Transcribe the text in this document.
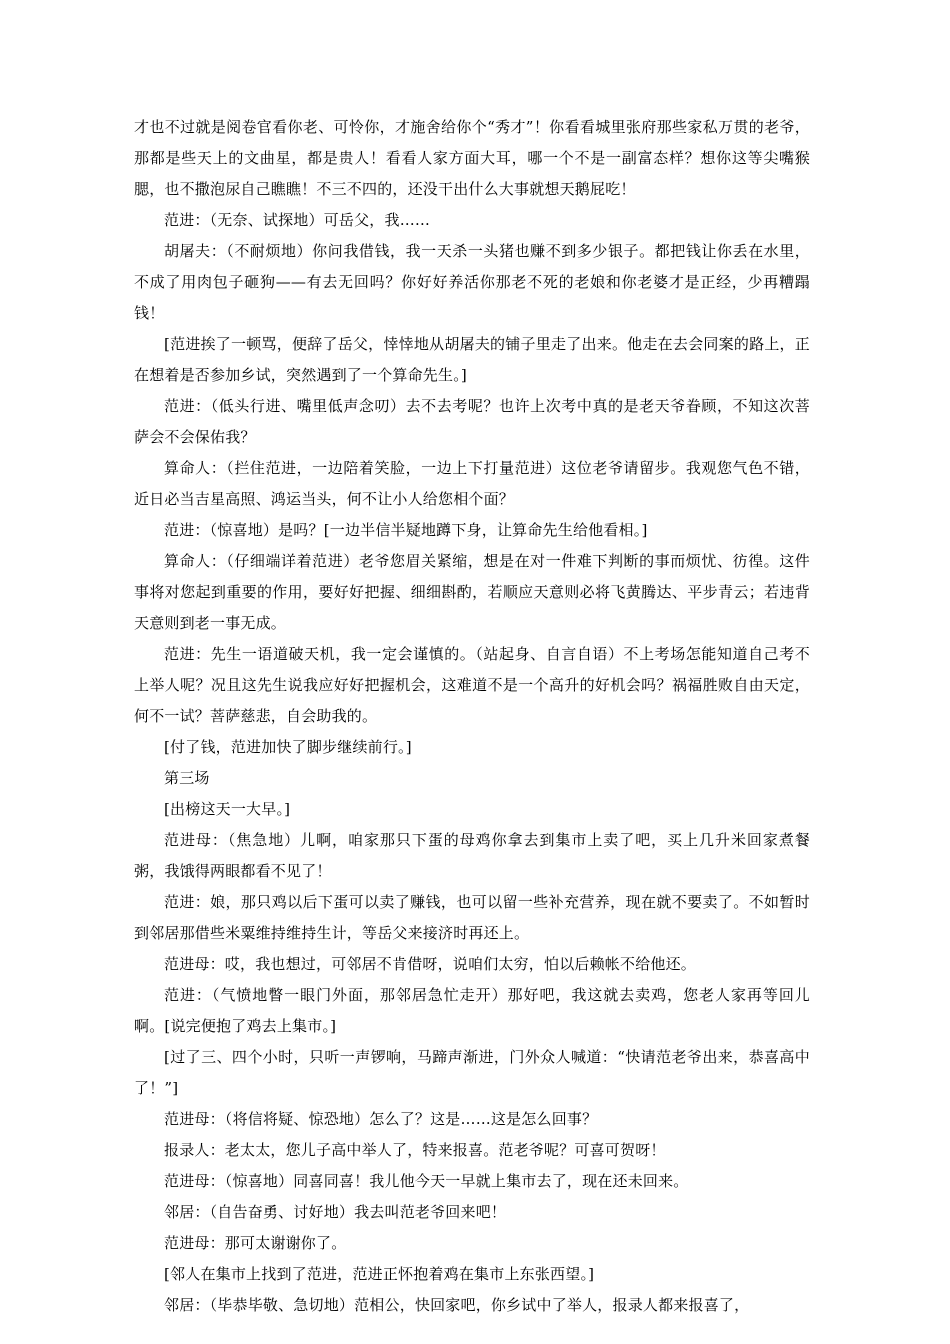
才也不过就是阅卷官看你老、可怜你，才施舍给你个“秀才”！你看看城里张府那些家私万贯的老爷，那都是些天上的文曲星，都是贵人！看看人家方面大耳，哪一个不是一副富态样？想你这等尖嘴猴腮，也不撒泡尿自己瞧瞧！不三不四的，还没干出什么大事就想天鹅屁吃！

范进：（无奈、试探地）可岳父，我……

胡屠夫：（不耐烦地）你问我借钱，我一天杀一头猪也赚不到多少银子。都把钱让你丢在水里，不成了用肉包子砸狗——有去无回吗？你好好养活你那老不死的老娘和你老婆才是正经，少再糟蹋钱！

[范进挨了一顿骂，便辞了岳父，悻悻地从胡屠夫的铺子里走了出来。他走在去会同案的路上，正在想着是否参加乡试，突然遇到了一个算命先生。]

范进：（低头行进、嘴里低声念叨）去不去考呢？也许上次考中真的是老天爷眷顾，不知这次菩萨会不会保佑我？

算命人：（拦住范进，一边陪着笑脸，一边上下打量范进）这位老爷请留步。我观您气色不错，近日必当吉星高照、鸿运当头，何不让小人给您相个面？

范进：（惊喜地）是吗？[一边半信半疑地蹲下身，让算命先生给他看相。]

算命人：（仔细端详着范进）老爷您眉关紧缩，想是在对一件难下判断的事而烦忧、彷徨。这件事将对您起到重要的作用，要好好把握、细细斟酌，若顺应天意则必将飞黄腾达、平步青云；若违背天意则到老一事无成。

范进：先生一语道破天机，我一定会谨慎的。（站起身、自言自语）不上考场怎能知道自己考不上举人呢？况且这先生说我应好好把握机会，这难道不是一个高升的好机会吗？祸福胜败自由天定，何不一试？菩萨慈悲，自会助我的。

[付了钱，范进加快了脚步继续前行。]

第三场

[出榜这天一大早。]

范进母：（焦急地）儿啊，咱家那只下蛋的母鸡你拿去到集市上卖了吧，买上几升米回家煮餐粥，我饿得两眼都看不见了！

范进：娘，那只鸡以后下蛋可以卖了赚钱，也可以留一些补充营养，现在就不要卖了。不如暂时到邻居那借些米粟维持维持生计，等岳父来接济时再还上。

范进母：哎，我也想过，可邻居不肯借呀，说咱们太穷，怕以后赖帐不给他还。

范进：（气愤地瞥一眼门外面，那邻居急忙走开）那好吧，我这就去卖鸡，您老人家再等回儿啊。[说完便抱了鸡去上集市。]

[过了三、四个小时，只听一声锣响，马蹄声渐进，门外众人喊道：“快请范老爷出来，恭喜高中了！”]

范进母：（将信将疑、惊恐地）怎么了？这是……这是怎么回事？

报录人：老太太，您儿子高中举人了，特来报喜。范老爷呢？可喜可贺呀！

范进母：（惊喜地）同喜同喜！我儿他今天一早就上集市去了，现在还未回来。

邻居：（自告奋勇、讨好地）我去叫范老爷回来吧！

范进母：那可太谢谢你了。

[邻人在集市上找到了范进，范进正怀抱着鸡在集市上东张西望。]

邻居：（毕恭毕敬、急切地）范相公，快回家吧，你乡试中了举人，报录人都来报喜了，
